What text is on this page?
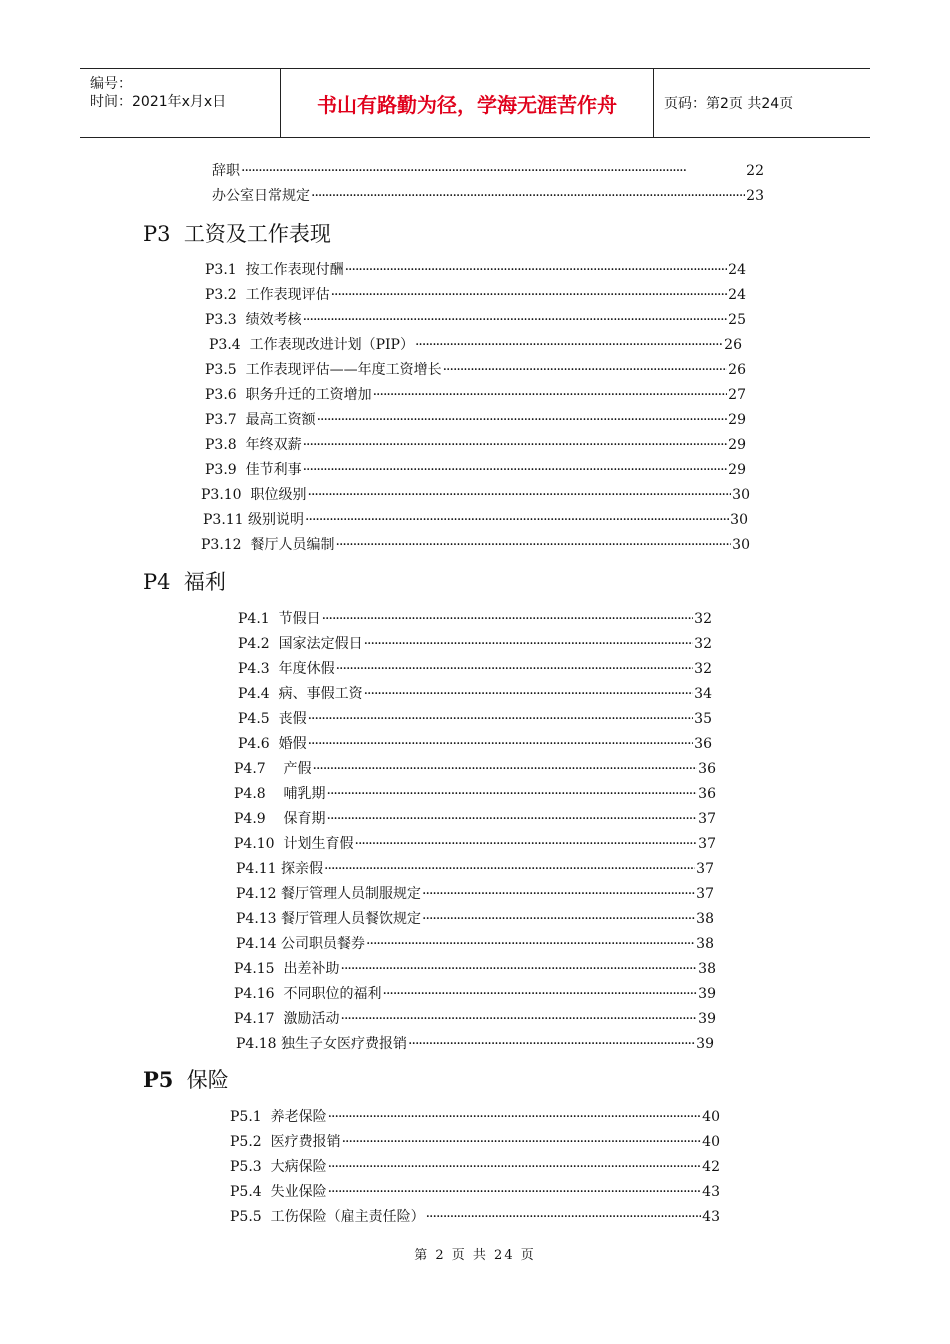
编号：
时间：2021年x月x日	书山有路勤为径，学海无涯苦作舟	页码：第2页 共24页
辞职 ·····	22
办公室日常规定 ·····	23
P3  工资及工作表现
P3.1  按工作表现付酬 ·····	24
P3.2  工作表现评估 ·····	24
P3.3  绩效考核 ·····	25
P3.4  工作表现改进计划（PIP） ·····	26
P3.5  工作表现评估——年度工资增长 ·····	26
P3.6  职务升迁的工资增加 ·····	27
P3.7  最高工资额 ·····	29
P3.8  年终双薪 ·····	29
P3.9  佳节利事 ·····	29
P3.10  职位级别 ·····	30
P3.11 级别说明 ·····	30
P3.12  餐厅人员编制 ·····	30
P4  福利
P4.1  节假日 ·····	32
P4.2  国家法定假日 ·····	32
P4.3  年度休假 ·····	32
P4.4  病、事假工资 ·····	34
P4.5  丧假 ·····	35
P4.6  婚假 ·····	36
P4.7    产假 ·····	36
P4.8    哺乳期 ·····	36
P4.9    保育期 ·····	37
P4.10  计划生育假 ·····	37
P4.11 探亲假 ·····	37
P4.12 餐厅管理人员制服规定 ·····	37
P4.13 餐厅管理人员餐饮规定 ·····	38
P4.14 公司职员餐券 ·····	38
P4.15  出差补助 ·····	38
P4.16  不同职位的福利 ·····	39
P4.17  激励活动 ·····	39
P4.18 独生子女医疗费报销 ·····	39
P5  保险
P5.1  养老保险 ·····	40
P5.2  医疗费报销 ·····	40
P5.3  大病保险 ·····	42
P5.4  失业保险 ·····	43
P5.5  工伤保险（雇主责任险） ·····	43
第 2 页 共 24 页
